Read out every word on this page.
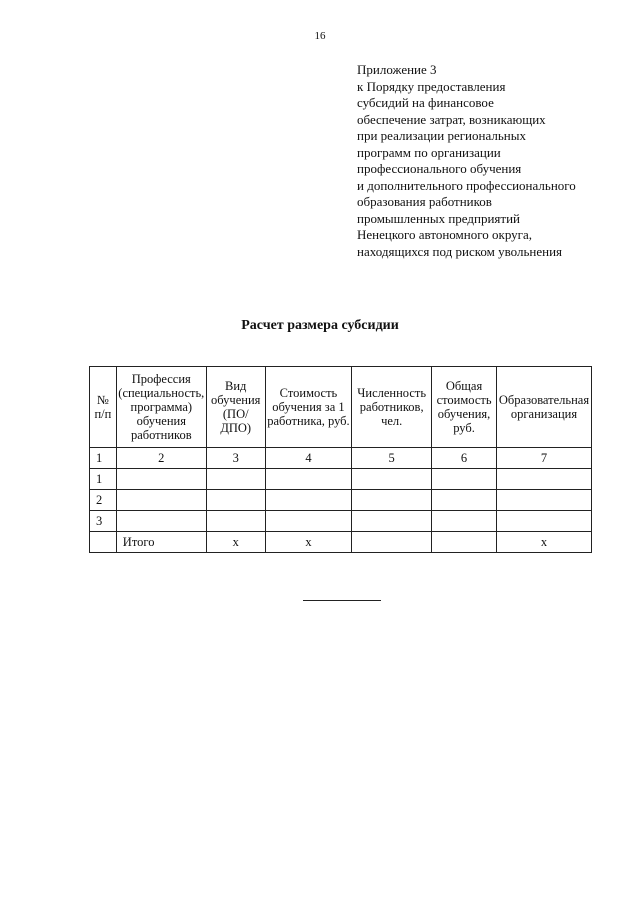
16
Приложение 3
к Порядку предоставления
субсидий на финансовое
обеспечение затрат, возникающих
при реализации региональных
программ по организации
профессионального обучения
и дополнительного профессионального
образования работников
промышленных предприятий
Ненецкого автономного округа,
находящихся под риском увольнения
Расчет размера субсидии
№ п/п	Профессия (специальность, программа) обучения работников	Вид обучения (ПО/ДПО)	Стоимость обучения за 1 работника, руб.	Численность работников, чел.	Общая стоимость обучения, руб.	Образовательная организация
1	2	3	4	5	6	7
1						
2						
3						
	Итого	х	х			х
